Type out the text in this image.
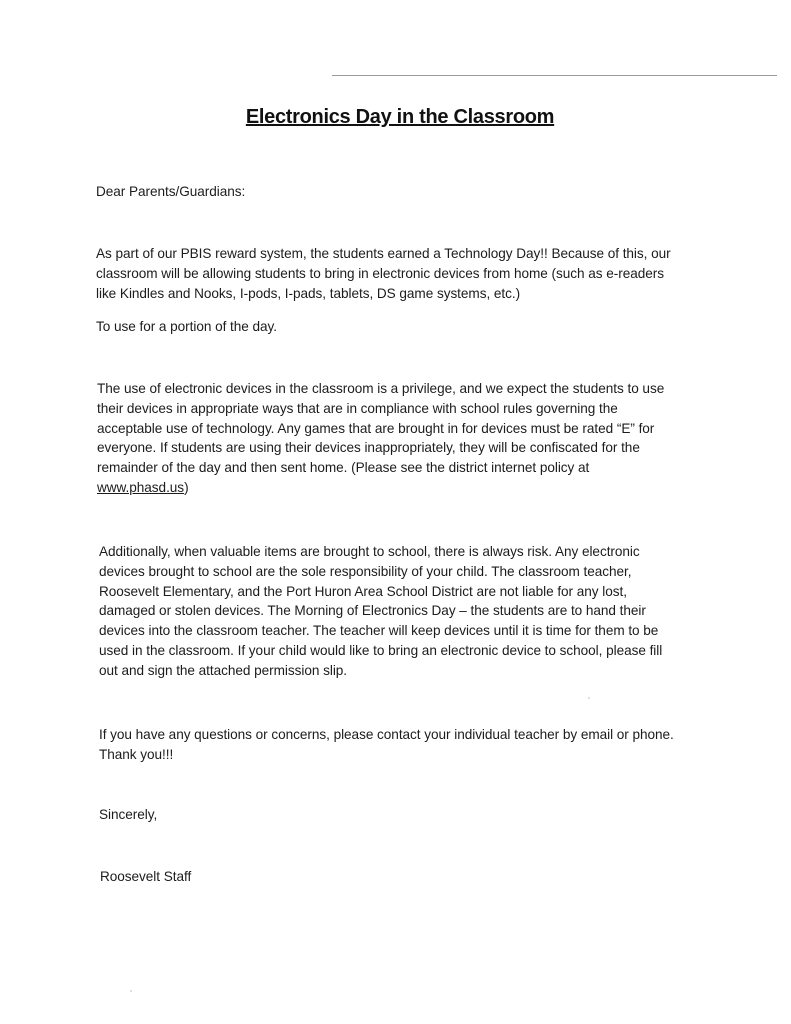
Electronics Day in the Classroom
Dear Parents/Guardians:
As part of our PBIS reward system, the students earned a Technology Day!! Because of this, our
classroom will be allowing students to bring in electronic devices from home (such as e-readers
like Kindles and Nooks, I-pods, I-pads, tablets, DS game systems, etc.)
To use for a portion of the day.
The use of electronic devices in the classroom is a privilege, and we expect the students to use
their devices in appropriate ways that are in compliance with school rules governing the
acceptable use of technology. Any games that are brought in for devices must be rated “E” for
everyone. If students are using their devices inappropriately, they will be confiscated for the
remainder of the day and then sent home. (Please see the district internet policy at
www.phasd.us)
Additionally, when valuable items are brought to school, there is always risk. Any electronic
devices brought to school are the sole responsibility of your child. The classroom teacher,
Roosevelt Elementary, and the Port Huron Area School District are not liable for any lost,
damaged or stolen devices. The Morning of Electronics Day – the students are to hand their
devices into the classroom teacher. The teacher will keep devices until it is time for them to be
used in the classroom. If your child would like to bring an electronic device to school, please fill
out and sign the attached permission slip.
If you have any questions or concerns, please contact your individual teacher by email or phone.
Thank you!!!
Sincerely,
Roosevelt Staff
